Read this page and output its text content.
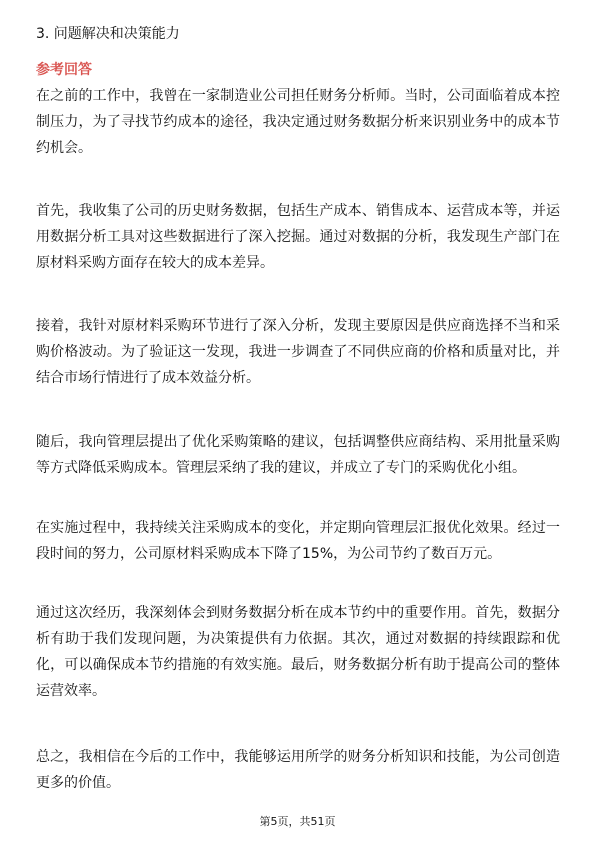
3. 问题解决和决策能力
参考回答

在之前的工作中，我曾在一家制造业公司担任财务分析师。当时，公司面临着成本控制压力，为了寻找节约成本的途径，我决定通过财务数据分析来识别业务中的成本节约机会。

首先，我收集了公司的历史财务数据，包括生产成本、销售成本、运营成本等，并运用数据分析工具对这些数据进行了深入挖掘。通过对数据的分析，我发现生产部门在原材料采购方面存在较大的成本差异。

接着，我针对原材料采购环节进行了深入分析，发现主要原因是供应商选择不当和采购价格波动。为了验证这一发现，我进一步调查了不同供应商的价格和质量对比，并结合市场行情进行了成本效益分析。

随后，我向管理层提出了优化采购策略的建议，包括调整供应商结构、采用批量采购等方式降低采购成本。管理层采纳了我的建议，并成立了专门的采购优化小组。

在实施过程中，我持续关注采购成本的变化，并定期向管理层汇报优化效果。经过一段时间的努力，公司原材料采购成本下降了15%，为公司节约了数百万元。

通过这次经历，我深刻体会到财务数据分析在成本节约中的重要作用。首先，数据分析有助于我们发现问题，为决策提供有力依据。其次，通过对数据的持续跟踪和优化，可以确保成本节约措施的有效实施。最后，财务数据分析有助于提高公司的整体运营效率。

总之，我相信在今后的工作中，我能够运用所学的财务分析知识和技能，为公司创造更多的价值。

第5页，共51页
